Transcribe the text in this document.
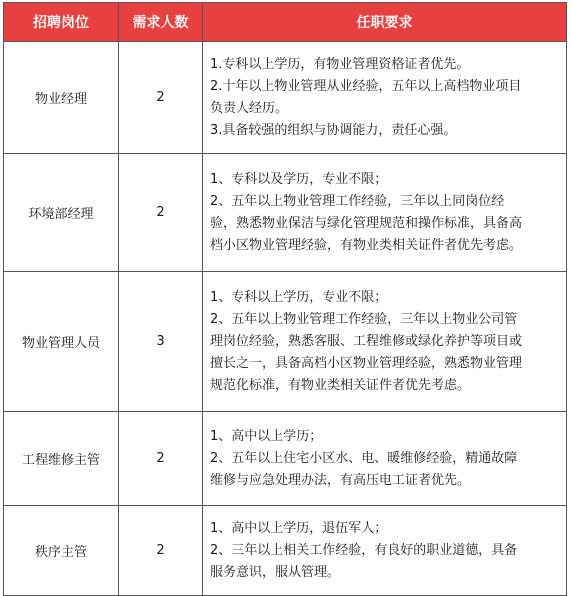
招聘岗位	需求人数	任职要求
物业经理	2	1.专科以上学历，有物业管理资格证者优先。
2.十年以上物业管理从业经验，五年以上高档物业项目
负责人经历。
3.具备较强的组织与协调能力，责任心强。

环境部经理	2	1、专科以及学历，专业不限；
2、五年以上物业管理工作经验，三年以上同岗位经
验，熟悉物业保洁与绿化管理规范和操作标准，具备高
档小区物业管理经验，有物业类相关证件者优先考虑。

物业管理人员	3	1、专科以上学历，专业不限；
2、五年以上物业管理工作经验，三年以上物业公司管
理岗位经验，熟悉客服、工程维修或绿化养护等项目或
擅长之一，具备高档小区物业管理经验，熟悉物业管理
规范化标准，有物业类相关证件者优先考虑。

工程维修主管	2	1、高中以上学历；
2、五年以上住宅小区水、电、暖维修经验，精通故障
维修与应急处理办法，有高压电工证者优先。

秩序主管	2	1、高中以上学历，退伍军人；
2、三年以上相关工作经验，有良好的职业道德，具备
服务意识，服从管理。
